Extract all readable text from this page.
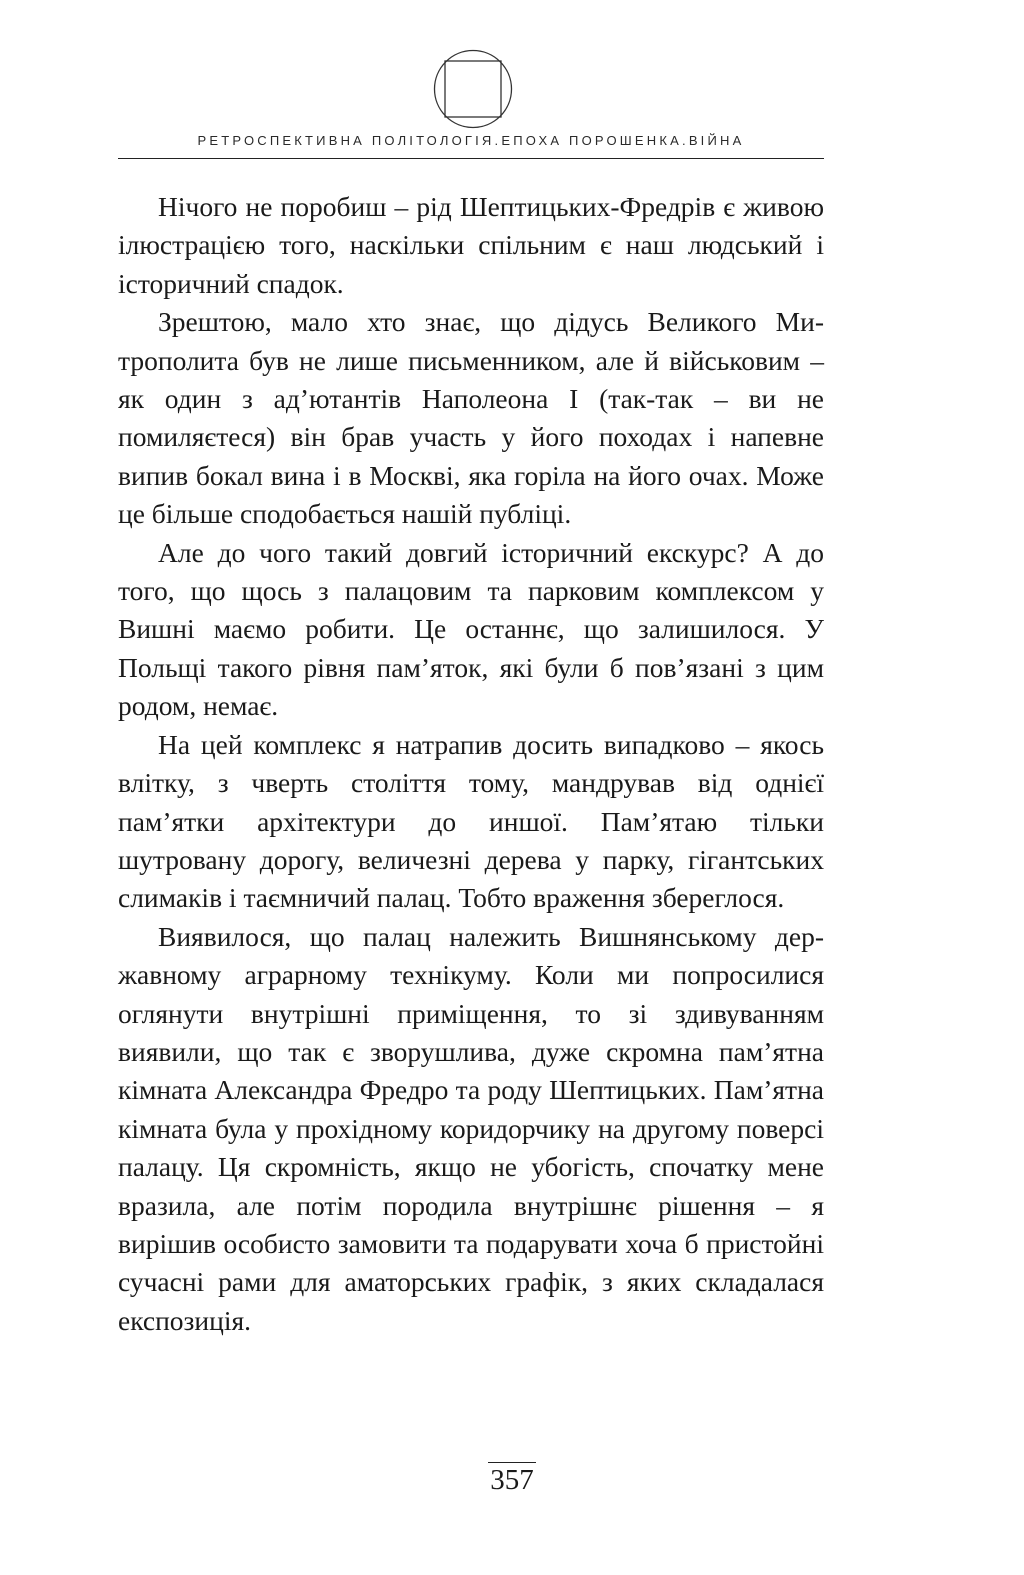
РЕТРОСПЕКТИВНА ПОЛІТОЛОГІЯ.ЕПОХА ПОРОШЕНКА.ВІЙНА

Нічого не поробиш – рід Шептицьких-Фредрів є живою ілюстрацією того, наскільки спільним є наш людський і історичний спадок.

Зрештою, мало хто знає, що дідусь Великого Митрополита був не лише письменником, але й військовим – як один з ад’ютантів Наполеона І (так-так – ви не помиляєтеся) він брав участь у його походах і напевне випив бокал вина і в Москві, яка горіла на його очах. Може це більше сподобається нашій публіці.

Але до чого такий довгий історичний екскурс? А до того, що щось з палацовим та парковим комплексом у Вишні маємо робити. Це останнє, що залишилося. У Польщі такого рівня пам’яток, які були б пов’язані з цим родом, немає.

На цей комплекс я натрапив досить випадково – якось влітку, з чверть століття тому, мандрував від однієї пам’ятки архітектури до иншої. Пам’ятаю тільки шутровану дорогу, величезні дерева у парку, гігантських слимаків і таємничий палац. Тобто враження збереглося.

Виявилося, що палац належить Вишнянському державному аграрному технікуму. Коли ми попросилися оглянути внутрішні приміщення, то зі здивуванням виявили, що так є зворушлива, дуже скромна пам’ятна кімната Александра Фредро та роду Шептицьких. Пам’ятна кімната була у прохідному коридорчику на другому поверсі палацу. Ця скромність, якщо не убогість, спочатку мене вразила, але потім породила внутрішнє рішення – я вирішив особисто замовити та подарувати хоча б пристойні сучасні рами для аматорських графік, з яких складалася експозиція.

357
